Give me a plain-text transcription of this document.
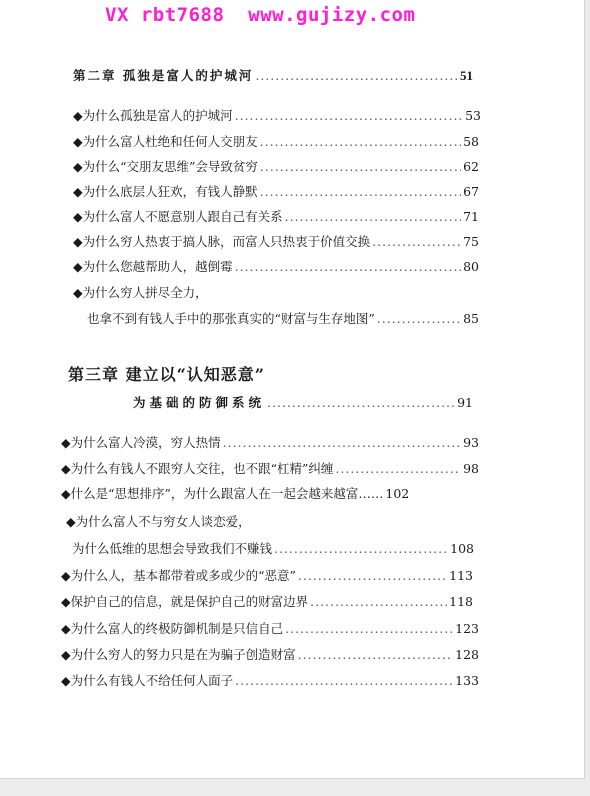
VX rbt7688  www.gujizy.com
第二章 孤独是富人的护城河 .....	51
◆为什么孤独是富人的护城河 .....	53
◆为什么富人杜绝和任何人交朋友 .....	58
◆为什么“交朋友思维”会导致贫穷 .....	62
◆为什么底层人狂欢，有钱人静默 .....	67
◆为什么富人不愿意别人跟自己有关系 .....	71
◆为什么穷人热衷于搞人脉，而富人只热衷于价值交换 .....	75
◆为什么您越帮助人，越倒霉 .....	80
◆为什么穷人拼尽全力，
也拿不到有钱人手中的那张真实的“财富与生存地图” .....	85
第三章 建立以“认知恶意”
为基础的防御系统 .....	91
◆为什么富人冷漠，穷人热情 .....	93
◆为什么有钱人不跟穷人交往，也不跟“杠精”纠缠 .....	98
◆什么是“思想排序”，为什么跟富人在一起会越来越富…… 102
◆为什么富人不与穷女人谈恋爱，
为什么低维的思想会导致我们不赚钱 .....	108
◆为什么人，基本都带着或多或少的“恶意” .....	113
◆保护自己的信息，就是保护自己的财富边界 .....	118
◆为什么富人的终极防御机制是只信自己 .....	123
◆为什么穷人的努力只是在为骗子创造财富 .....	128
◆为什么有钱人不给任何人面子 .....	133
